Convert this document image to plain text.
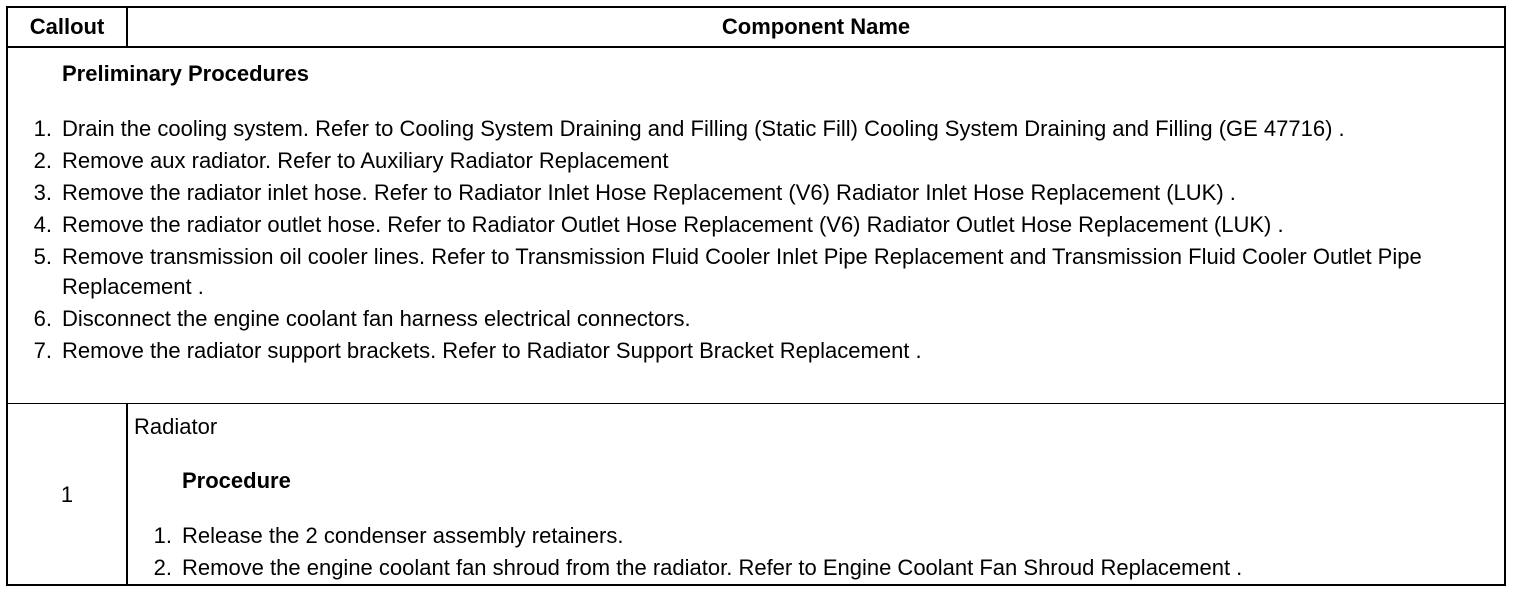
Callout	Component Name
Preliminary Procedures
1. Drain the cooling system. Refer to Cooling System Draining and Filling (Static Fill) Cooling System Draining and Filling (GE 47716) .
2. Remove aux radiator. Refer to Auxiliary Radiator Replacement
3. Remove the radiator inlet hose. Refer to Radiator Inlet Hose Replacement (V6) Radiator Inlet Hose Replacement (LUK) .
4. Remove the radiator outlet hose. Refer to Radiator Outlet Hose Replacement (V6) Radiator Outlet Hose Replacement (LUK) .
5. Remove transmission oil cooler lines. Refer to Transmission Fluid Cooler Inlet Pipe Replacement and Transmission Fluid Cooler Outlet Pipe Replacement .
6. Disconnect the engine coolant fan harness electrical connectors.
7. Remove the radiator support brackets. Refer to Radiator Support Bracket Replacement .
1
Radiator
Procedure
1. Release the 2 condenser assembly retainers.
2. Remove the engine coolant fan shroud from the radiator. Refer to Engine Coolant Fan Shroud Replacement .
